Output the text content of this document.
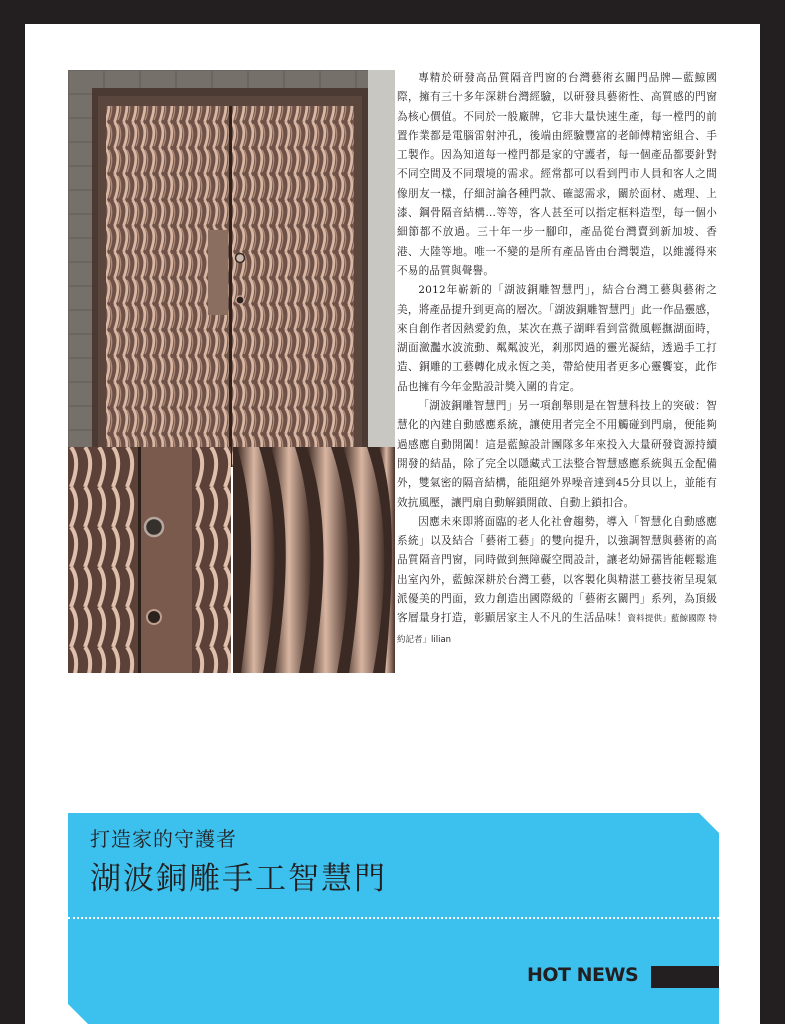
專精於研發高品質隔音門窗的台灣藝術玄關門品牌—藍鯨國際，擁有三十多年深耕台灣經驗，以研發具藝術性、高質感的門窗為核心價值。不同於一般廠牌，它非大量快速生產，每一樘門的前置作業都是電腦雷射沖孔，後端由經驗豐富的老師傅精密組合、手工製作。因為知道每一樘門都是家的守護者，每一個產品都要針對不同空間及不同環境的需求。經常都可以看到門市人員和客人之間像朋友一樣，仔細討論各種門款、確認需求，關於面材、處理、上漆、鋼骨隔音結構…等等，客人甚至可以指定框料造型，每一個小細節都不放過。三十年一步一腳印，產品從台灣賣到新加坡、香港、大陸等地。唯一不變的是所有產品皆由台灣製造，以維護得來不易的品質與聲譽。

2012年嶄新的「湖波銅雕智慧門」，結合台灣工藝與藝術之美，將產品提升到更高的層次。「湖波銅雕智慧門」此一作品靈感，來自創作者因熱愛釣魚，某次在燕子湖畔看到當微風輕撫湖面時，湖面瀲灩水波流動、粼粼波光，剎那閃過的靈光凝結，透過手工打造、銅雕的工藝轉化成永恆之美，帶給使用者更多心靈饗宴，此作品也擁有今年金點設計獎入圍的肯定。

「湖波銅雕智慧門」另一項創舉則是在智慧科技上的突破：智慧化的內建自動感應系統，讓使用者完全不用觸碰到門扇，便能夠過感應自動開闔！這是藍鯨設計團隊多年來投入大量研發資源持續開發的結晶，除了完全以隱藏式工法整合智慧感應系統與五金配備外，雙氣密的隔音結構，能阻絕外界噪音達到45分貝以上，並能有效抗風壓，讓門扇自動解鎖開啟、自動上鎖扣合。

因應未來即將面臨的老人化社會趨勢，導入「智慧化自動感應系統」以及結合「藝術工藝」的雙向提升，以強調智慧與藝術的高品質隔音門窗，同時做到無障礙空間設計，讓老幼婦孺皆能輕鬆進出室內外，藍鯨深耕於台灣工藝，以客製化與精湛工藝技術呈現氣派優美的門面，致力創造出國際級的「藝術玄關門」系列，為頂級客層量身打造，彰顯居家主人不凡的生活品味！資料提供」藍鯨國際 特約記者」lilian

打造家的守護者
湖波銅雕手工智慧門
HOT NEWS
